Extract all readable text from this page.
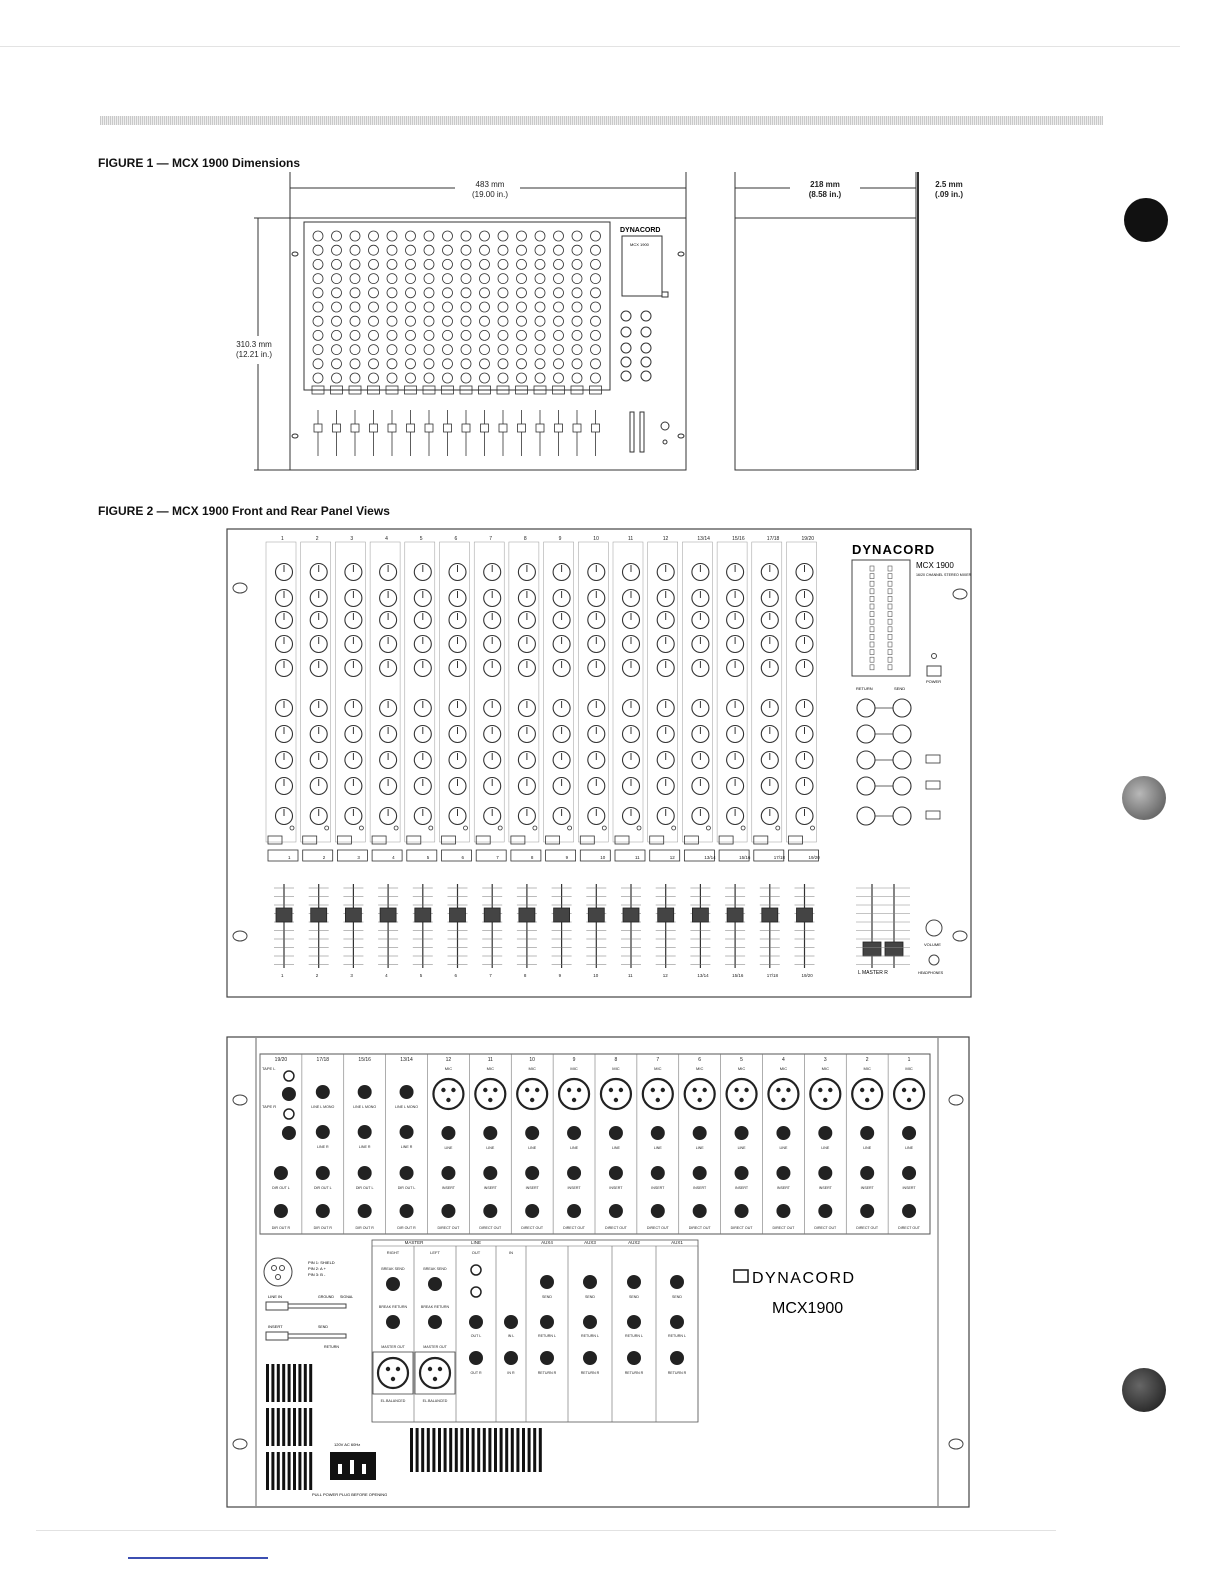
FIGURE 1 — MCX 1900 Dimensions
483 mm
(19.00 in.)
310.3 mm
(12.21 in.)
218 mm
(8.58 in.)
2.5 mm
(.09 in.)
DYNACORD
MCX 1900
FIGURE 2 — MCX 1900 Front and Rear Panel Views
1
1
1
2
2
2
3
3
3
4
4
4
5
5
5
6
6
6
7
7
7
8
8
8
9
9
9
10
10
10
11
11
11
12
12
12
13/14
13/14
13/14
15/16
15/16
15/16
17/18
17/18
17/18
19/20
19/20
19/20
DYNACORD
MCX 1900
16/20 CHANNEL STEREO MIXER
POWER
RETURN	SEND
L MASTER R
VOLUME
HEADPHONES
19/20
TAPE L
TAPE R
DIR OUT L
DIR OUT R
17/18
LINE L MONO
LINE R
DIR OUT L
DIR OUT R
15/16
LINE L MONO
LINE R
DIR OUT L
DIR OUT R
13/14
LINE L MONO
LINE R
DIR OUT L
DIR OUT R
12
MIC
LINE
INSERT
DIRECT OUT
11
MIC
LINE
INSERT
DIRECT OUT
10
MIC
LINE
INSERT
DIRECT OUT
9
MIC
LINE
INSERT
DIRECT OUT
8
MIC
LINE
INSERT
DIRECT OUT
7
MIC
LINE
INSERT
DIRECT OUT
6
MIC
LINE
INSERT
DIRECT OUT
5
MIC
LINE
INSERT
DIRECT OUT
4
MIC
LINE
INSERT
DIRECT OUT
3
MIC
LINE
INSERT
DIRECT OUT
2
MIC
LINE
INSERT
DIRECT OUT
1
MIC
LINE
INSERT
DIRECT OUT
MASTER	LINE	AUX4	AUX3	AUX2	AUX1
RIGHT	LEFT	OUT	IN
BREAK SEND
BREAK RETURN
MASTER OUT
EL.BALANCED
BREAK SEND
BREAK RETURN
MASTER OUT
EL.BALANCED
OUT L
OUT R
IN L
IN R
SEND
RETURN L
RETURN R
SEND
RETURN L
RETURN R
SEND
RETURN L
RETURN R
SEND
RETURN L
RETURN R
PIN 1: SHIELD
PIN 2: A +
PIN 3: B -
LINE IN	GROUND SIGNAL
INSERT	SEND
RETURN
120V AC 60Hz
PULL POWER PLUG BEFORE OPENING
DYNACORD
MCX1900
